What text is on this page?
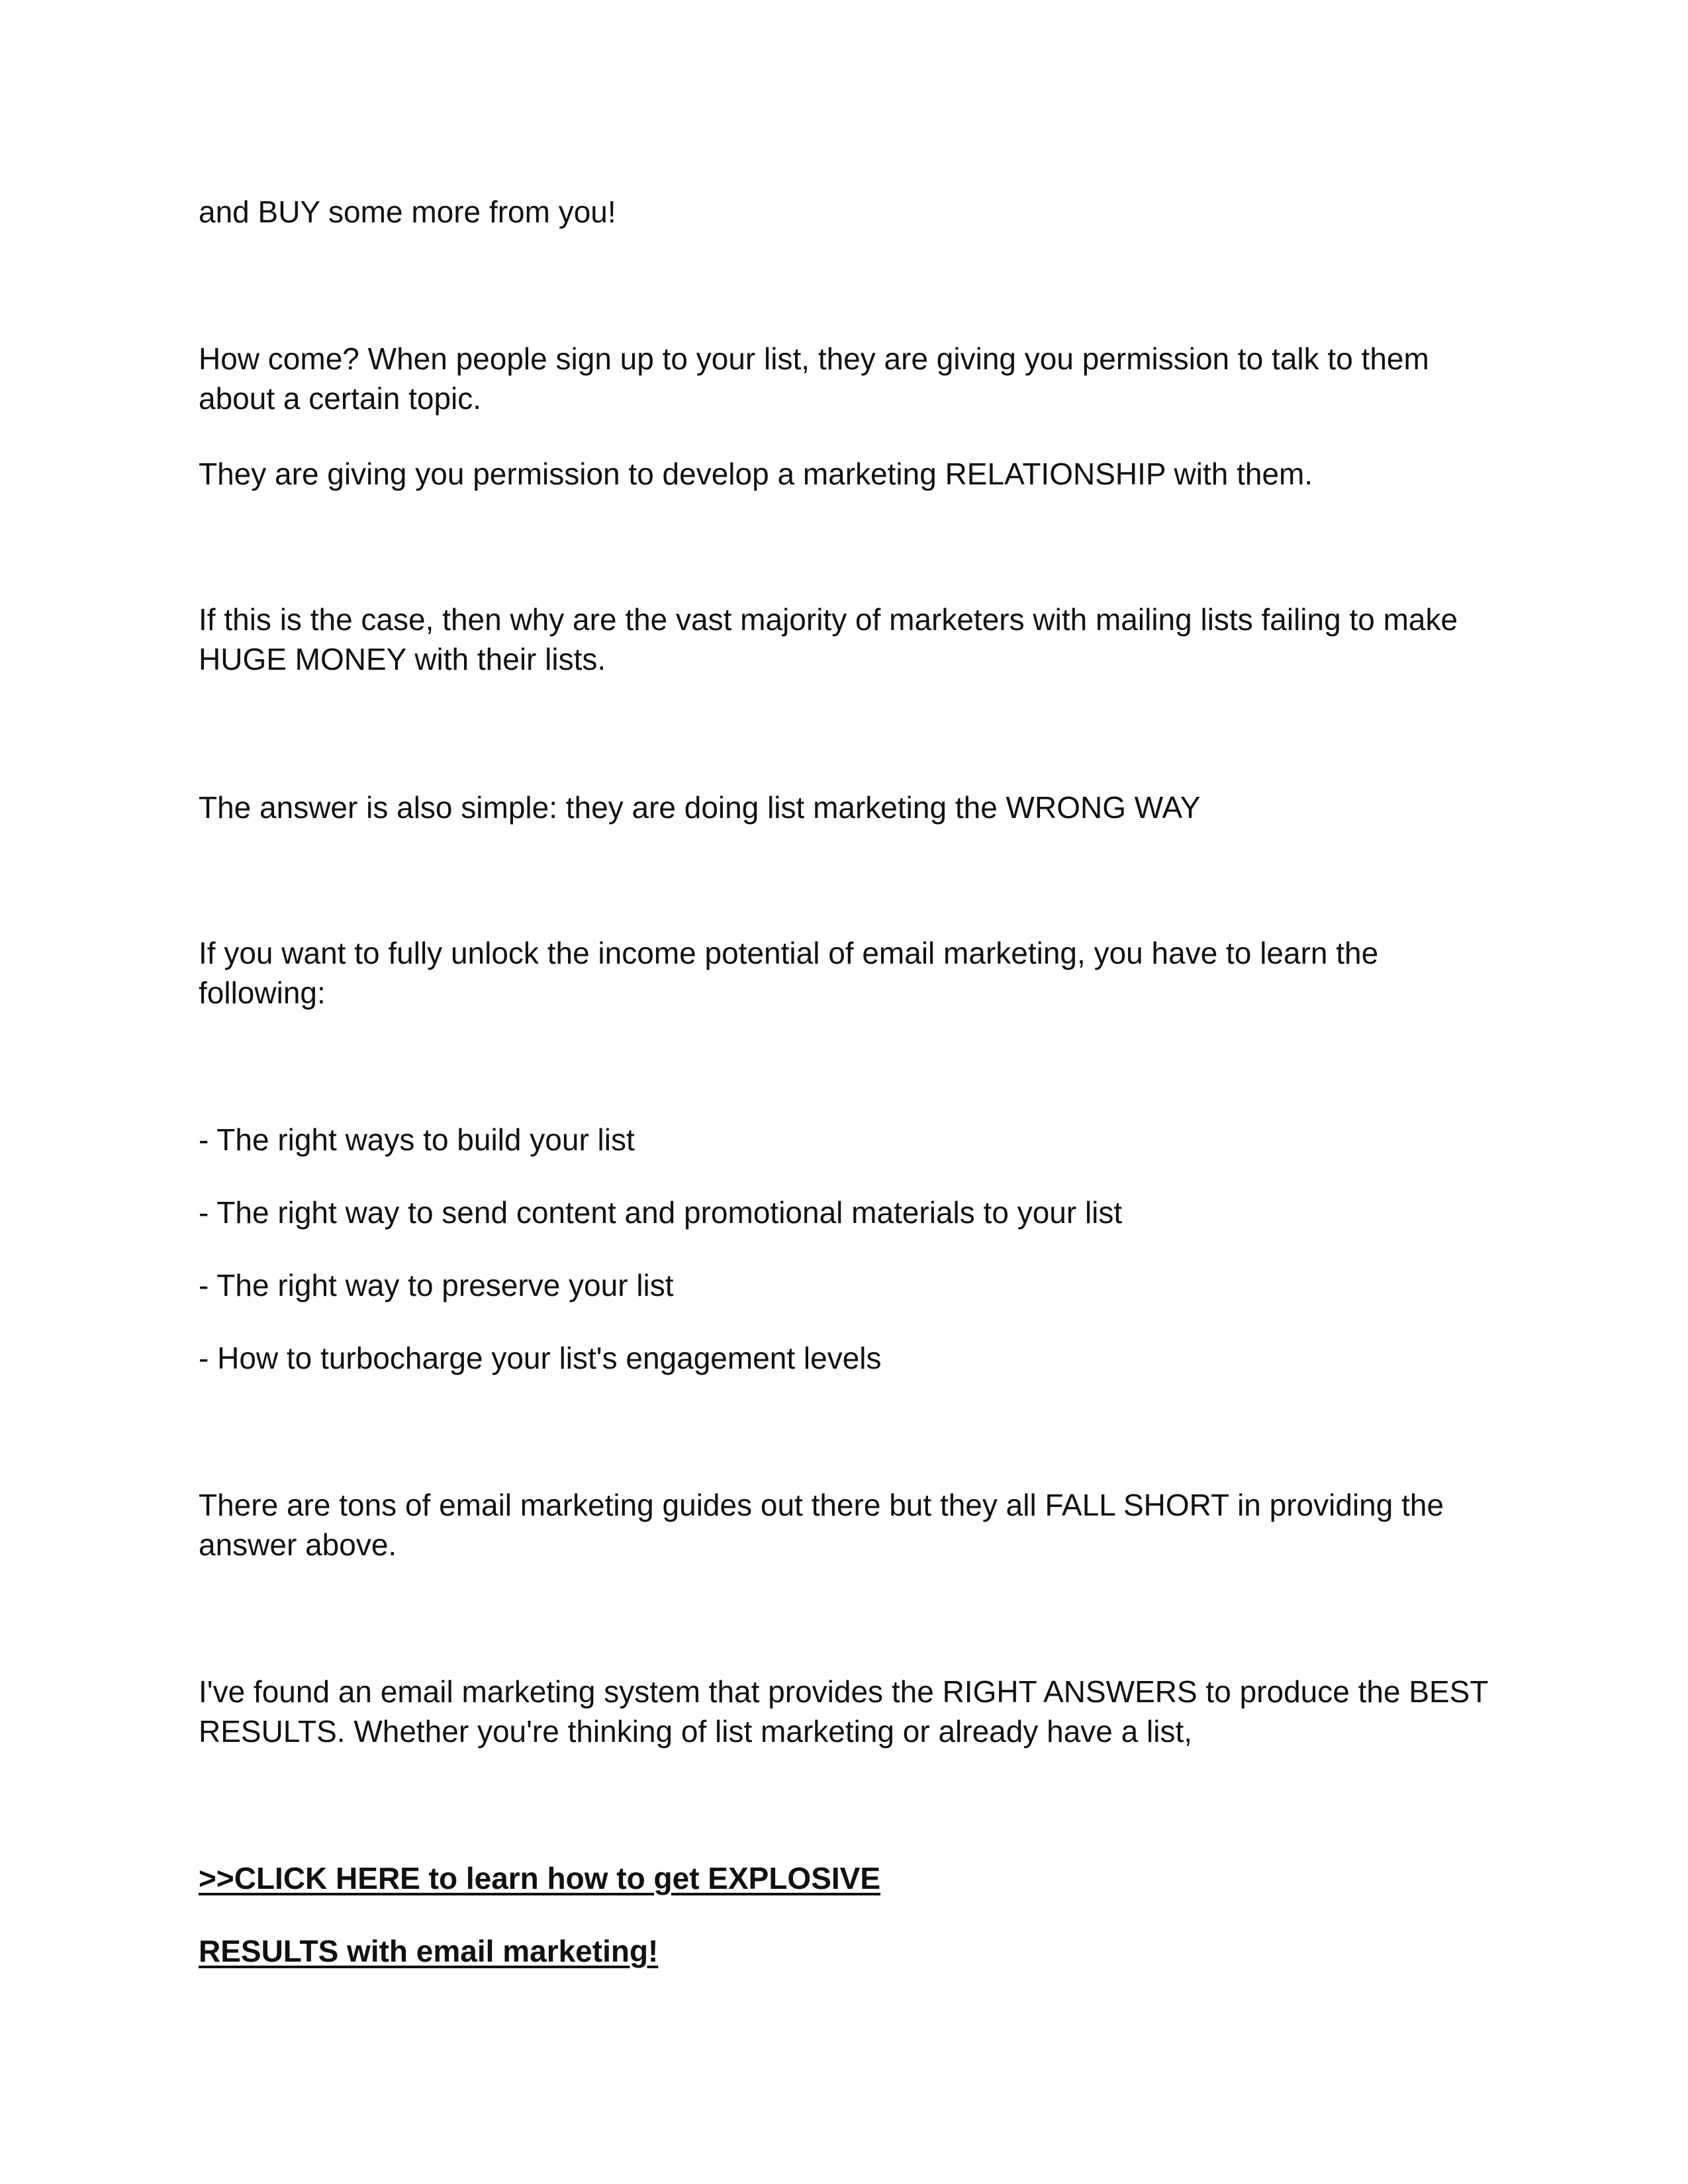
and BUY some more from you!

How come? When people sign up to your list, they are giving you permission to talk to them about a certain topic.

They are giving you permission to develop a marketing RELATIONSHIP with them.

If this is the case, then why are the vast majority of marketers with mailing lists failing to make HUGE MONEY with their lists.

The answer is also simple: they are doing list marketing the WRONG WAY

If you want to fully unlock the income potential of email marketing, you have to learn the following:

- The right ways to build your list

- The right way to send content and promotional materials to your list

- The right way to preserve your list

- How to turbocharge your list's engagement levels

There are tons of email marketing guides out there but they all FALL SHORT in providing the answer above.

I've found an email marketing system that provides the RIGHT ANSWERS to produce the BEST RESULTS. Whether you're thinking of list marketing or already have a list,

>>CLICK HERE to learn how to get EXPLOSIVE
RESULTS with email marketing!
